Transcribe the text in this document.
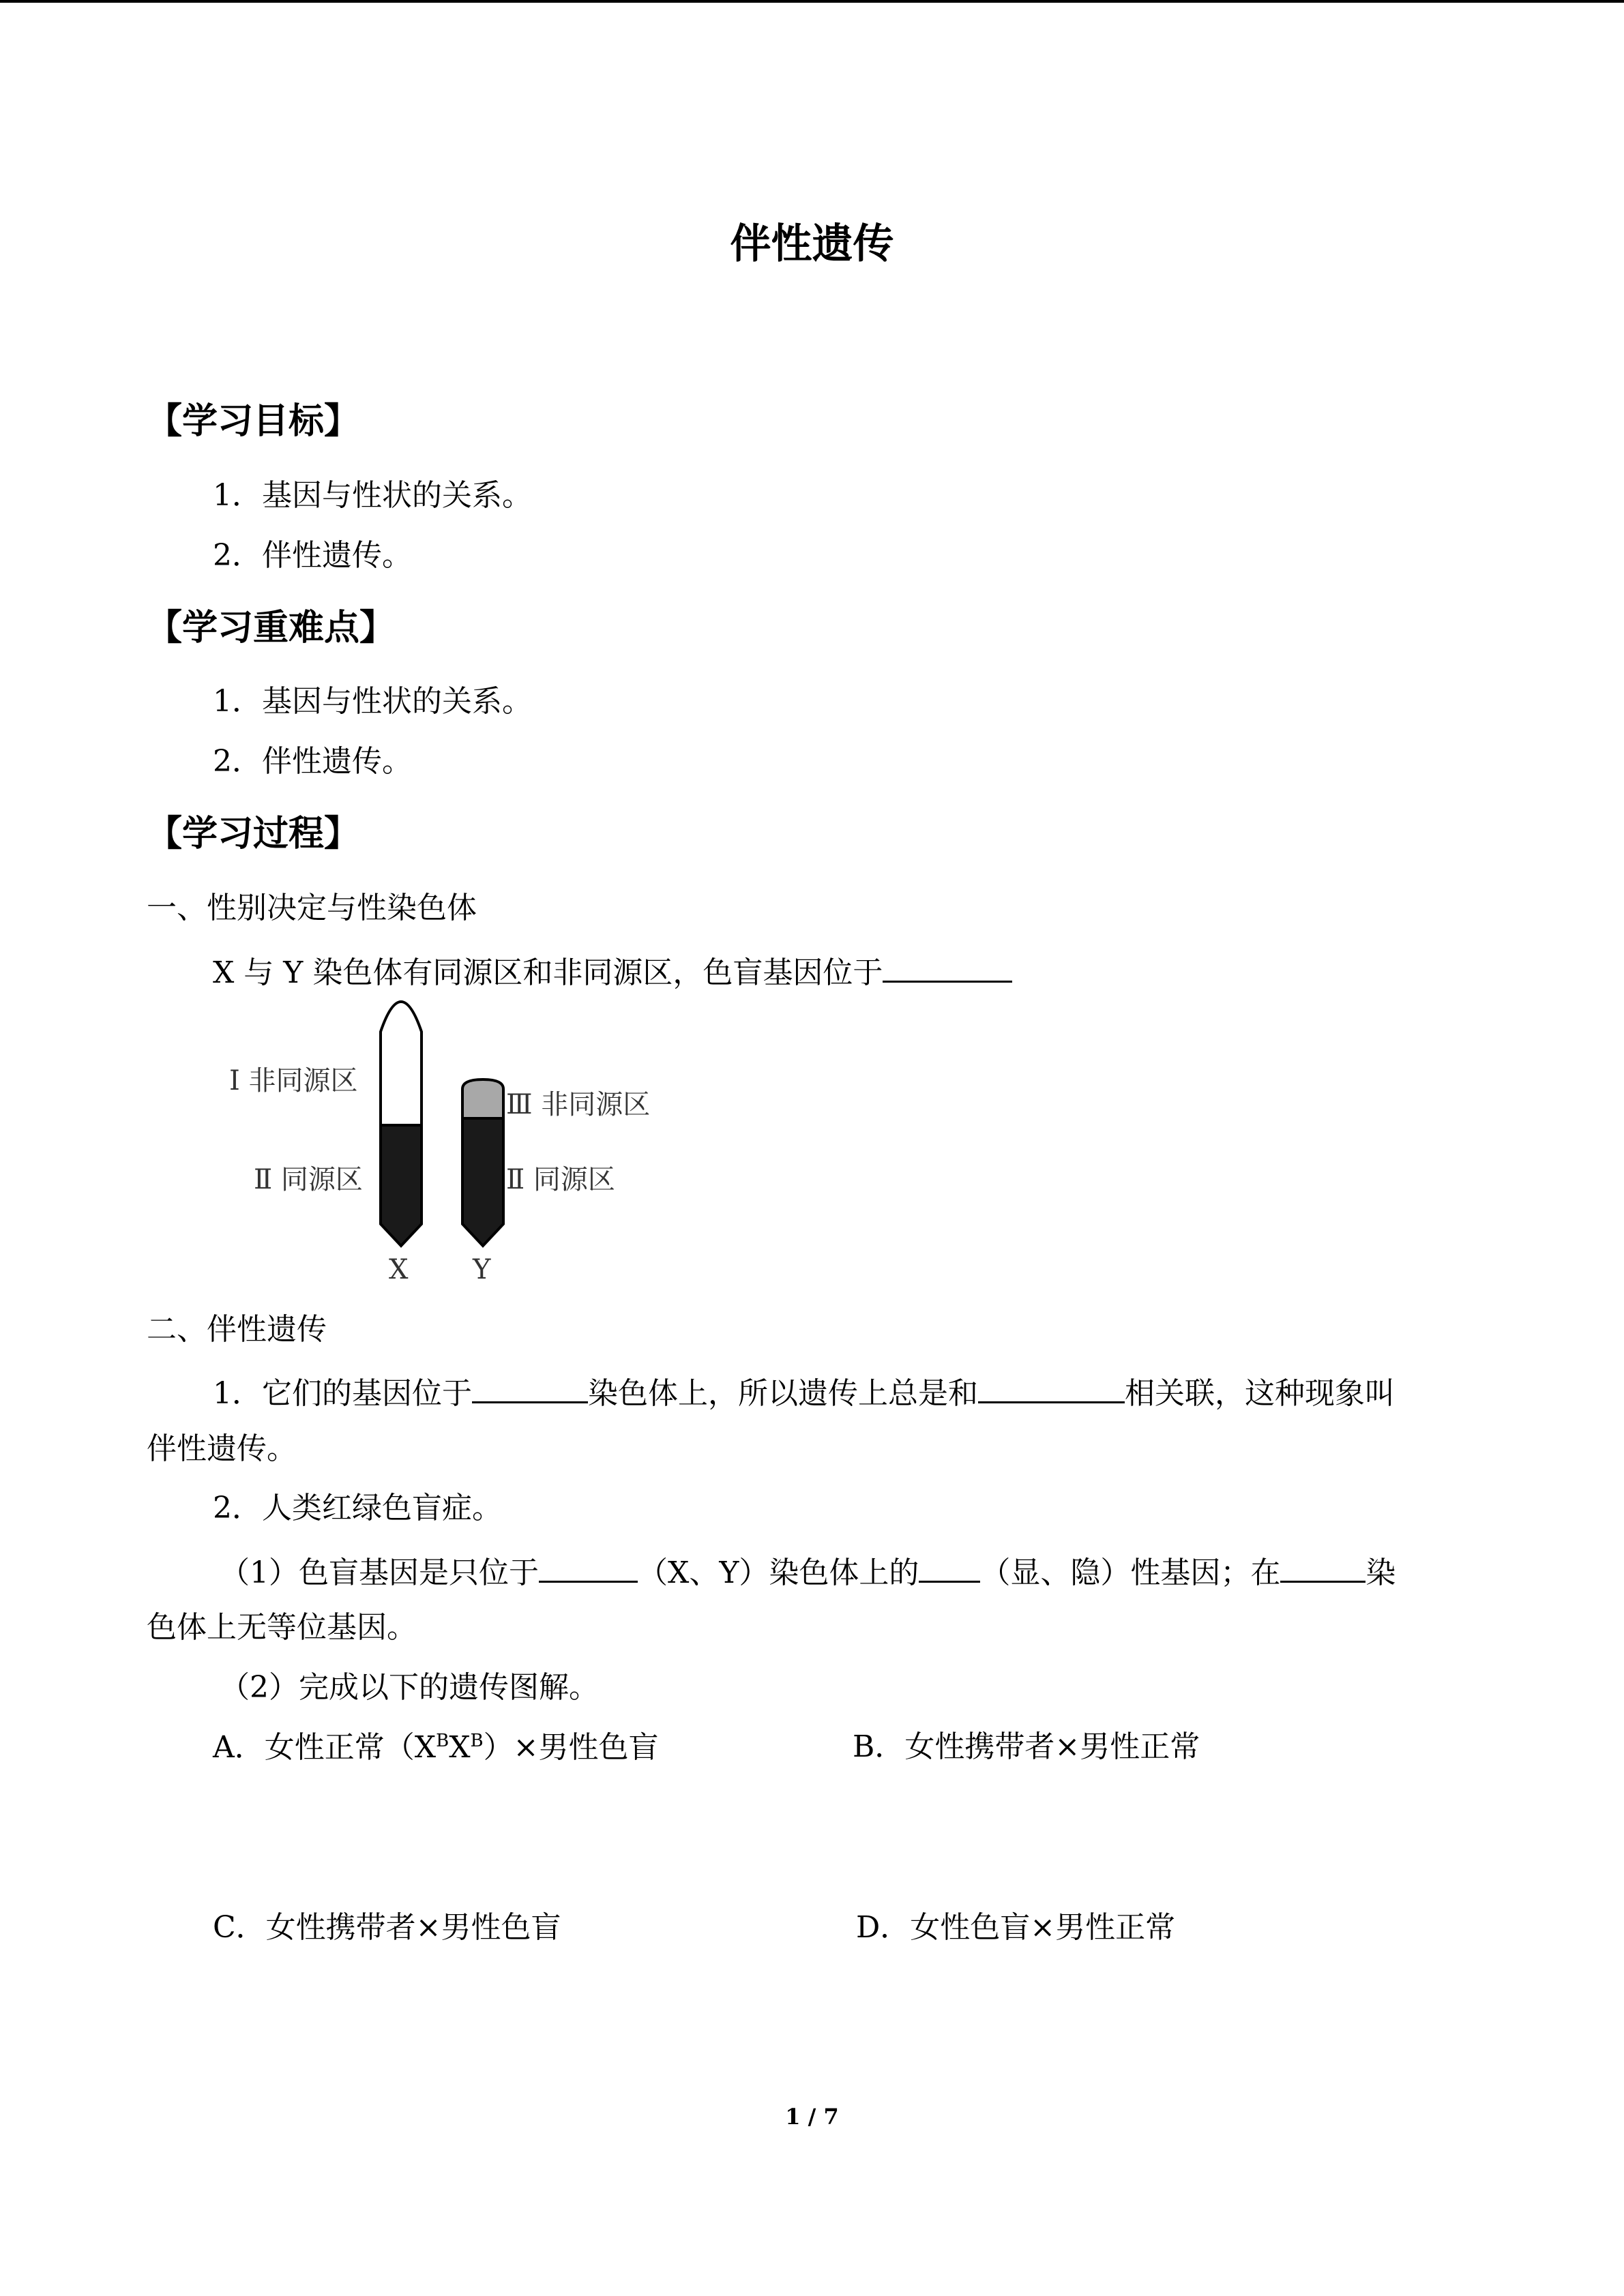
伴性遗传
【学习目标】
1．基因与性状的关系。
2．伴性遗传。
【学习重难点】
1．基因与性状的关系。
2．伴性遗传。
【学习过程】
一、性别决定与性染色体
X 与 Y 染色体有同源区和非同源区，色盲基因位于
Ⅰ 非同源区
Ⅱ 同源区
Ⅲ 非同源区
Ⅱ 同源区
X Y
二、伴性遗传
1．它们的基因位于	染色体上，所以遗传上总是和	相关联，这种现象叫
伴性遗传。
2．人类红绿色盲症。
（1）色盲基因是只位于	（X、Y）染色体上的 （显、隐）性基因；在	染
色体上无等位基因。
（2）完成以下的遗传图解。
A．女性正常$(X^BX^B)\times$男性色盲	B．女性携带者×男性正常
C．女性携带者×男性色盲	D．女性色盲×男性正常
1 / 7
